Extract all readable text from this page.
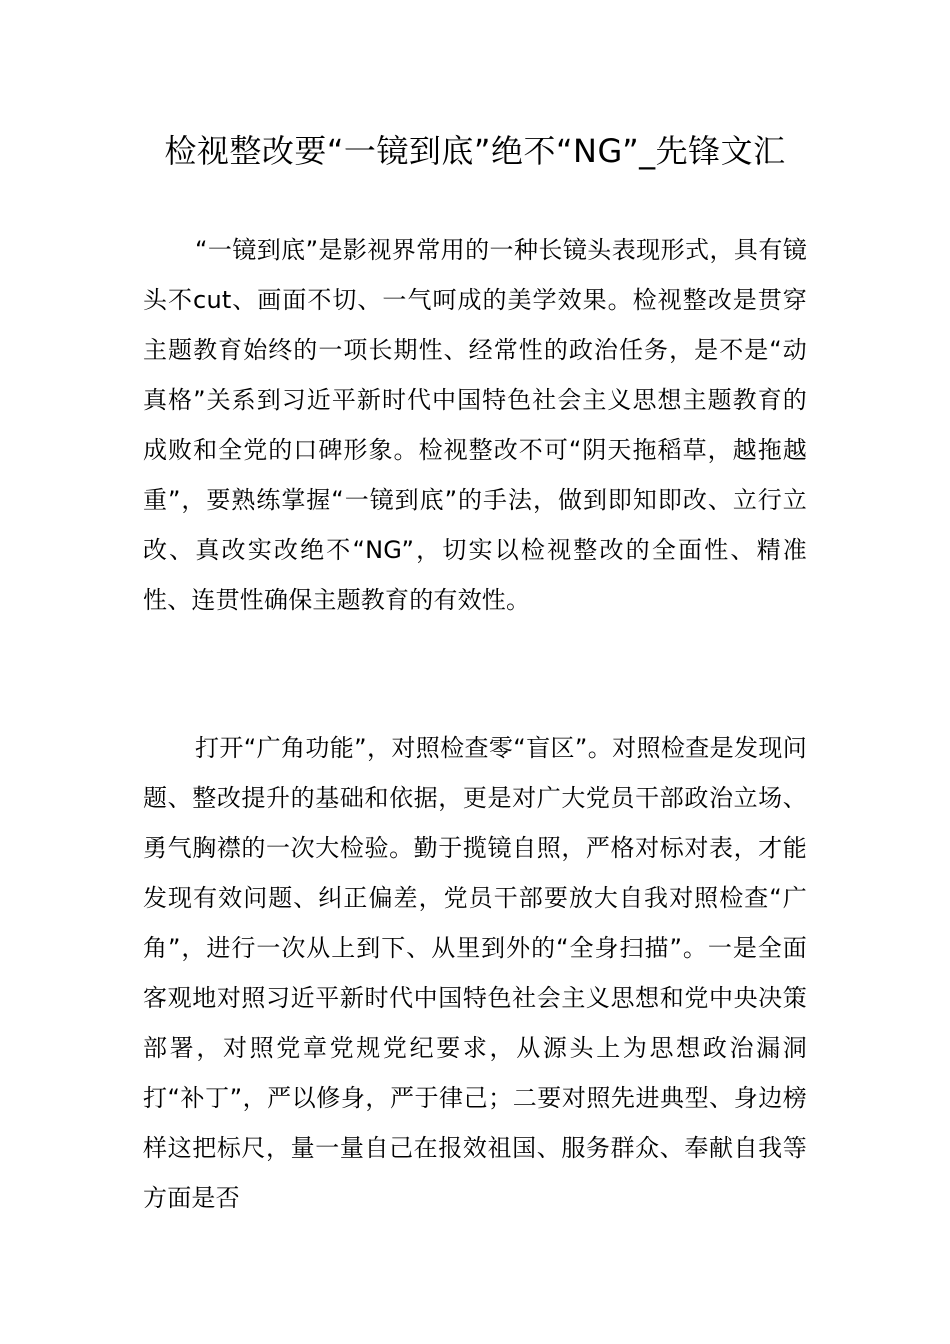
检视整改要“一镜到底”绝不“NG”_先锋文汇

“一镜到底”是影视界常用的一种长镜头表现形式，具有镜头不cut、画面不切、一气呵成的美学效果。检视整改是贯穿主题教育始终的一项长期性、经常性的政治任务，是不是“动真格”关系到习近平新时代中国特色社会主义思想主题教育的成败和全党的口碑形象。检视整改不可“阴天拖稻草，越拖越重”，要熟练掌握“一镜到底”的手法，做到即知即改、立行立改、真改实改绝不“NG”，切实以检视整改的全面性、精准性、连贯性确保主题教育的有效性。

打开“广角功能”，对照检查零“盲区”。对照检查是发现问题、整改提升的基础和依据，更是对广大党员干部政治立场、勇气胸襟的一次大检验。勤于揽镜自照，严格对标对表，才能发现有效问题、纠正偏差，党员干部要放大自我对照检查“广角”，进行一次从上到下、从里到外的“全身扫描”。一是全面客观地对照习近平新时代中国特色社会主义思想和党中央决策部署，对照党章党规党纪要求，从源头上为思想政治漏洞打“补丁”，严以修身，严于律己；二要对照先进典型、身边榜样这把标尺，量一量自己在报效祖国、服务群众、奉献自我等方面是否
